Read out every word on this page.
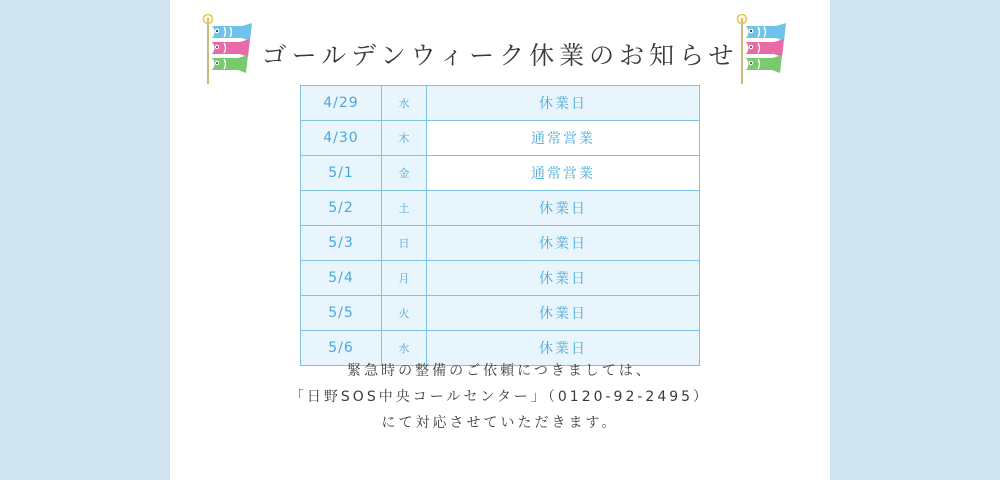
ゴールデンウィーク休業のお知らせ
4/29	水	休業日
4/30	木	通常営業
5/1	金	通常営業
5/2	土	休業日
5/3	日	休業日
5/4	月	休業日
5/5	火	休業日
5/6	水	休業日
緊急時の整備のご依頼につきましては、
「日野SOS中央コールセンター」（0120-92-2495）
にて対応させていただきます。
